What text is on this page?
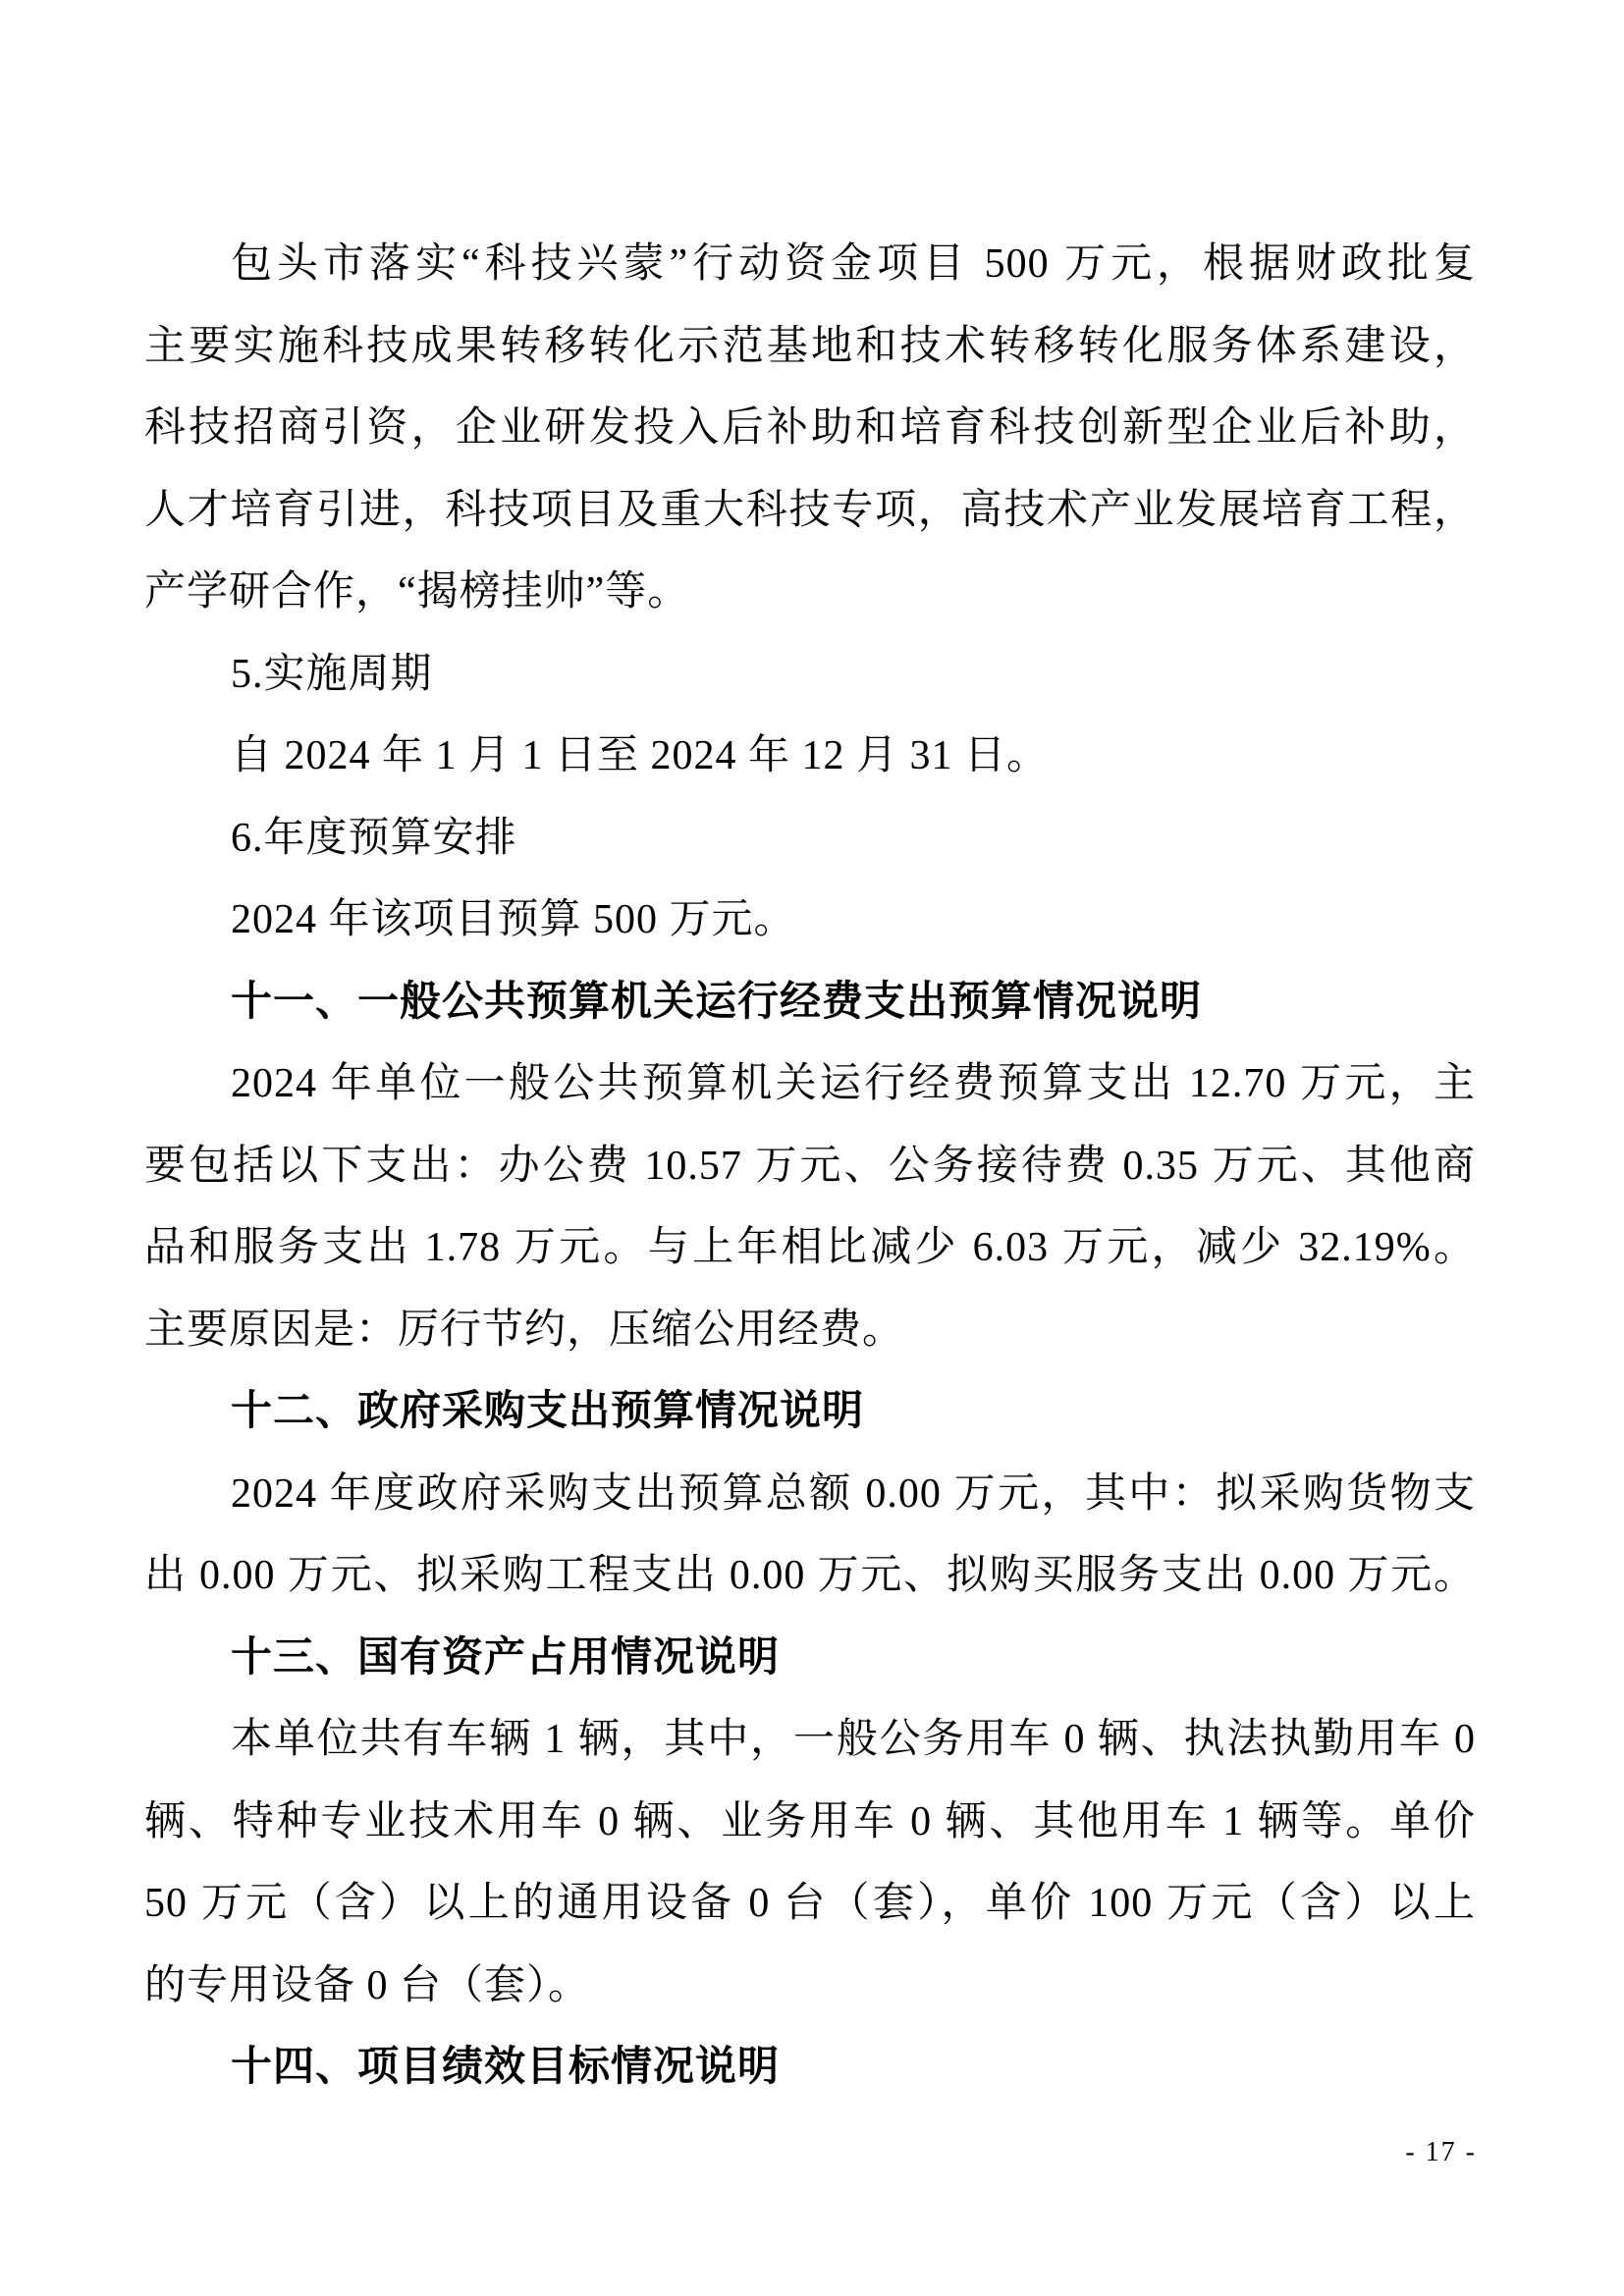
包头市落实“科技兴蒙”行动资金项目 500 万元，根据财政批复
主要实施科技成果转移转化示范基地和技术转移转化服务体系建设，
科技招商引资，企业研发投入后补助和培育科技创新型企业后补助，
人才培育引进，科技项目及重大科技专项，高技术产业发展培育工程，
产学研合作，“揭榜挂帅”等。
5.实施周期
自 2024 年 1 月 1 日至 2024 年 12 月 31 日。
6.年度预算安排
2024 年该项目预算 500 万元。
十一、一般公共预算机关运行经费支出预算情况说明
2024 年单位一般公共预算机关运行经费预算支出 12.70 万元，主
要包括以下支出：办公费 10.57 万元、公务接待费 0.35 万元、其他商
品和服务支出 1.78 万元。与上年相比减少 6.03 万元，减少 32.19%。
主要原因是：厉行节约，压缩公用经费。
十二、政府采购支出预算情况说明
2024 年度政府采购支出预算总额 0.00 万元，其中：拟采购货物支
出 0.00 万元、拟采购工程支出 0.00 万元、拟购买服务支出 0.00 万元。
十三、国有资产占用情况说明
本单位共有车辆 1 辆，其中，一般公务用车 0 辆、执法执勤用车 0
辆、特种专业技术用车 0 辆、业务用车 0 辆、其他用车 1 辆等。单价
50 万元（含）以上的通用设备 0 台（套），单价 100 万元（含）以上
的专用设备 0 台（套）。
十四、项目绩效目标情况说明
- 17 -
